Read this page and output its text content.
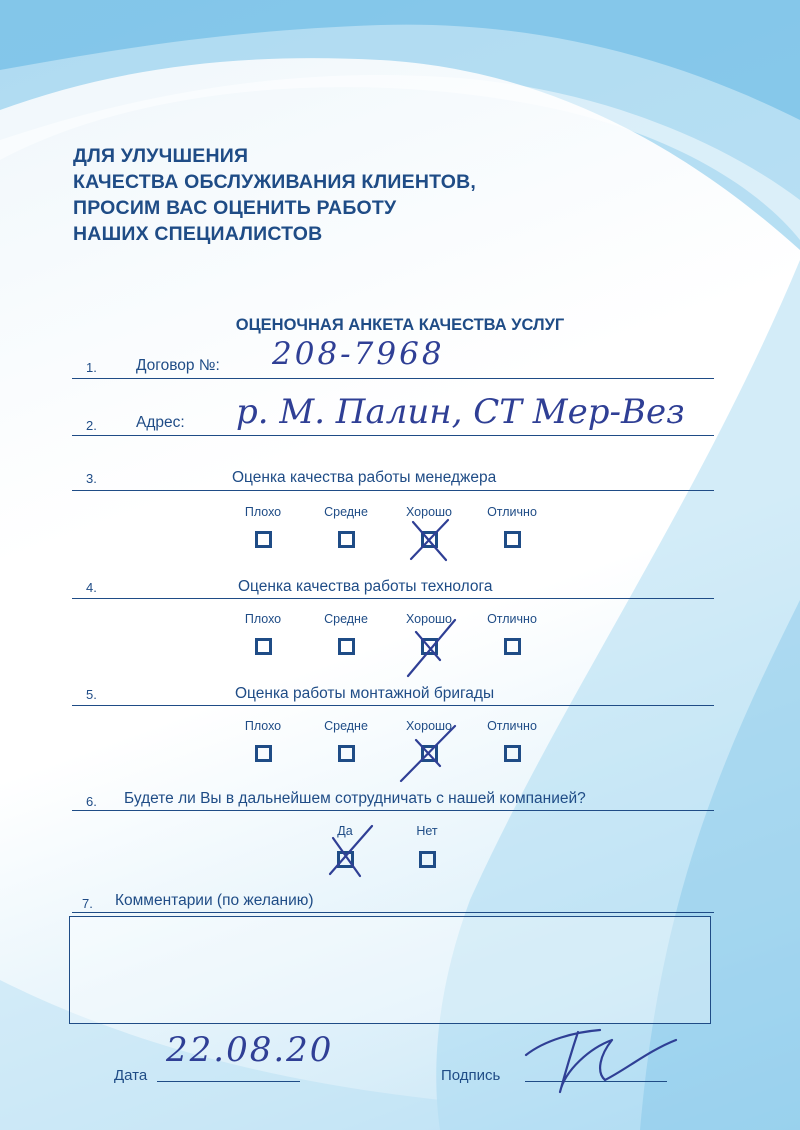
ДЛЯ УЛУЧШЕНИЯ
КАЧЕСТВА ОБСЛУЖИВАНИЯ КЛИЕНТОВ,
ПРОСИМ ВАС ОЦЕНИТЬ РАБОТУ
НАШИХ СПЕЦИАЛИСТОВ
ОЦЕНОЧНАЯ АНКЕТА КАЧЕСТВА УСЛУГ
1.	Договор №: 208-7968
2.	Адрес: р. М. Палин, СТ Мер-Вез
3.	Оценка качества работы менеджера
Плохо	Средне	Хорошо	Отлично
4.	Оценка качества работы технолога
Плохо	Средне	Хорошо	Отлично
5.	Оценка работы монтажной бригады
Плохо	Средне	Хорошо	Отлично
6. Будете ли Вы в дальнейшем сотрудничать с нашей компанией?
Да	Нет
7. Комментарии (по желанию)
Дата
22.08.20
Подпись
